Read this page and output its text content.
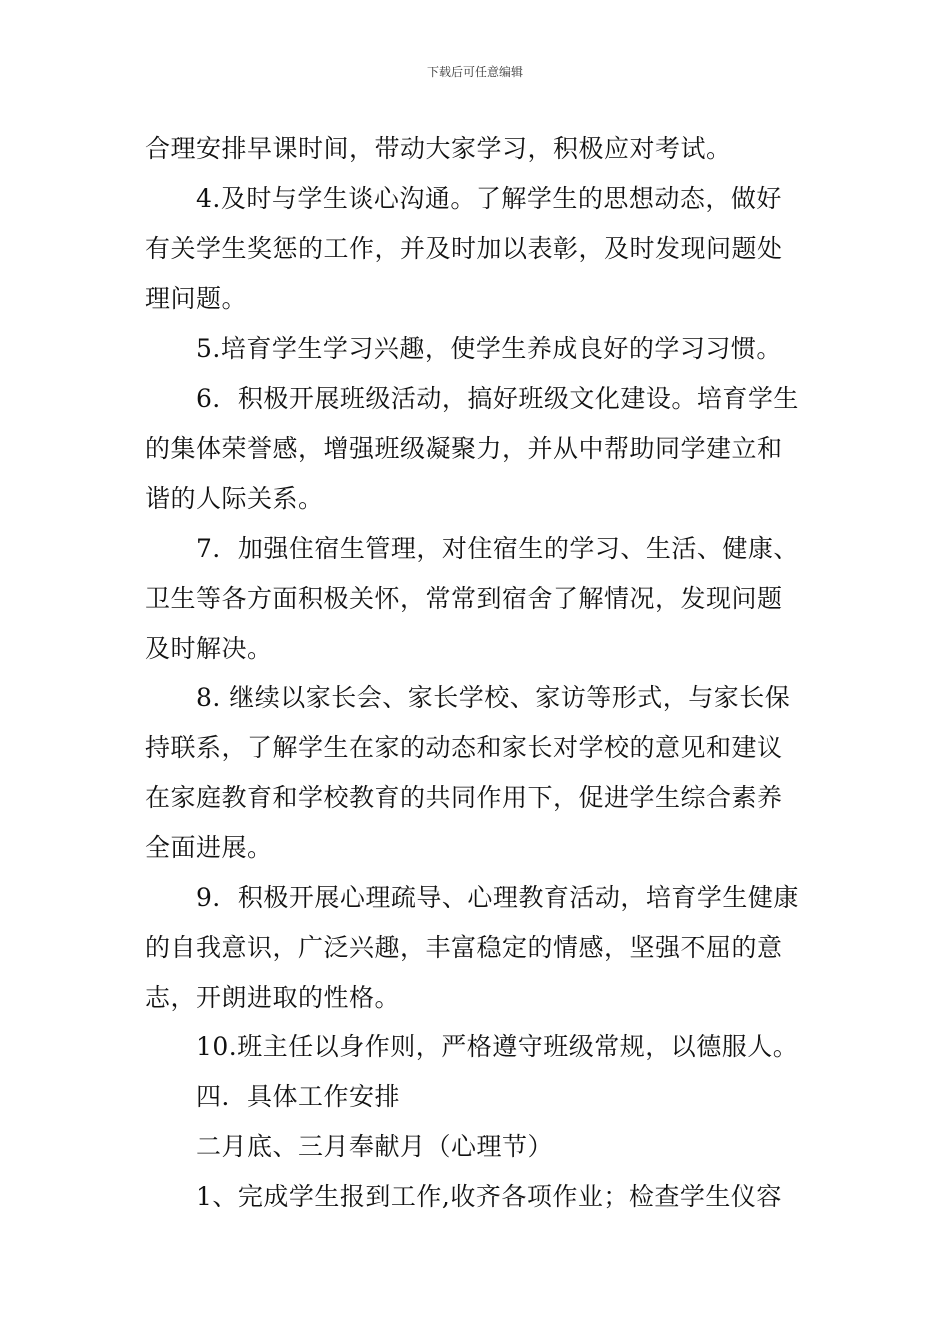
下载后可任意编辑
合理安排早课时间，带动大家学习，积极应对考试。
4.及时与学生谈心沟通。了解学生的思想动态，做好
有关学生奖惩的工作，并及时加以表彰，及时发现问题处
理问题。
5.培育学生学习兴趣，使学生养成良好的学习习惯。
6．积极开展班级活动，搞好班级文化建设。培育学生
的集体荣誉感，增强班级凝聚力，并从中帮助同学建立和
谐的人际关系。
7．加强住宿生管理，对住宿生的学习、生活、健康、
卫生等各方面积极关怀，常常到宿舍了解情况，发现问题
及时解决。
8. 继续以家长会、家长学校、家访等形式，与家长保
持联系，了解学生在家的动态和家长对学校的意见和建议
在家庭教育和学校教育的共同作用下，促进学生综合素养
全面进展。
9．积极开展心理疏导、心理教育活动，培育学生健康
的自我意识，广泛兴趣，丰富稳定的情感，坚强不屈的意
志，开朗进取的性格。
10.班主任以身作则，严格遵守班级常规，以德服人。
四．具体工作安排
二月底、三月奉献月（心理节）
1、完成学生报到工作,收齐各项作业；检查学生仪容
